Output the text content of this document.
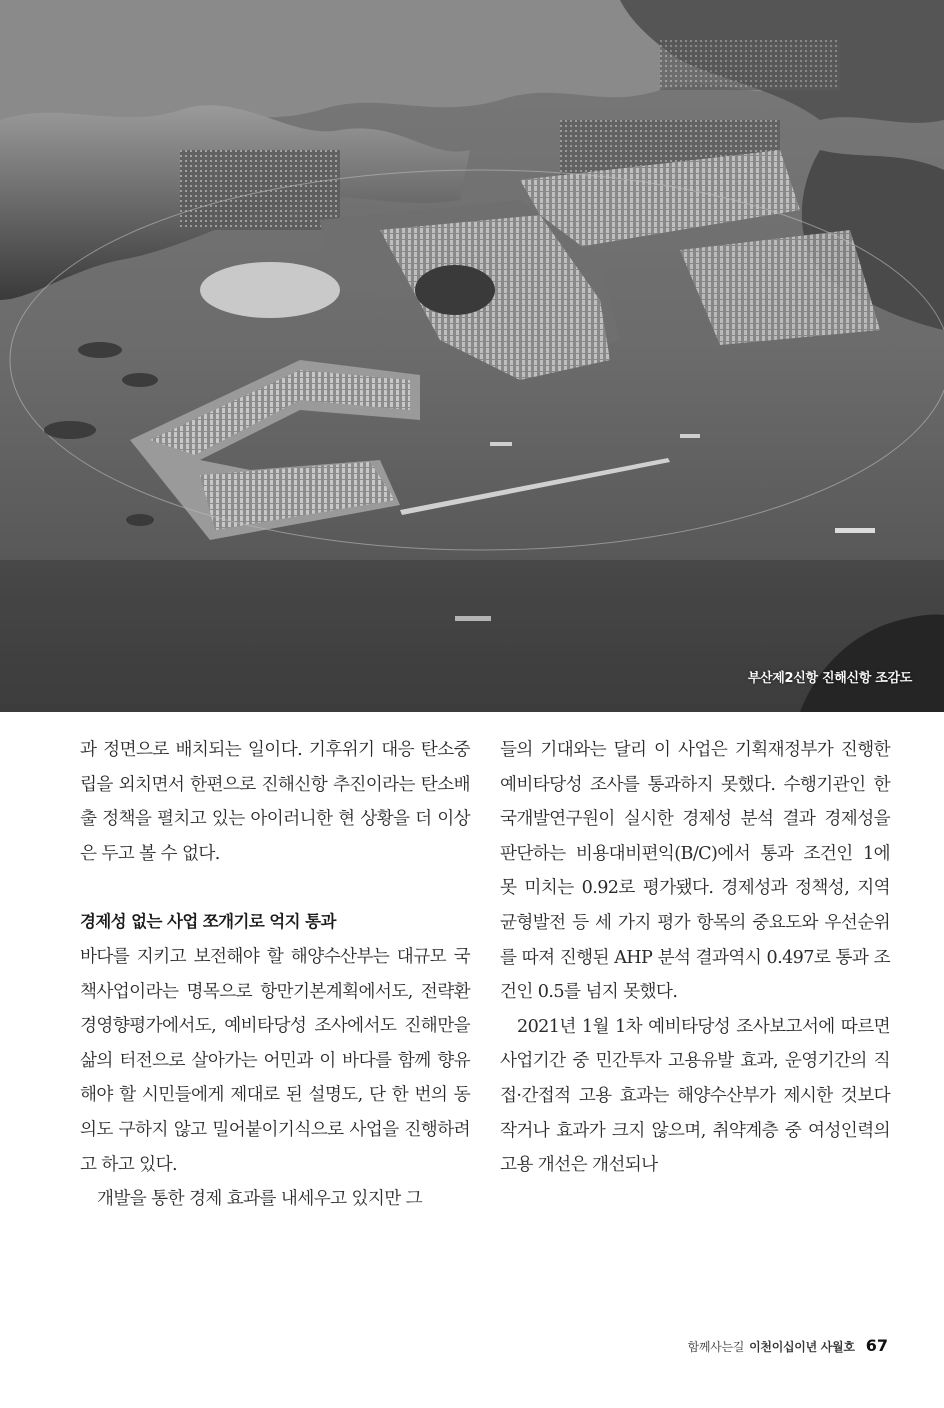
부산제2신항 진해신항 조감도

과 정면으로 배치되는 일이다. 기후위기 대응 탄소중립을 외치면서 한편으로 진해신항 추진이라는 탄소배출 정책을 펼치고 있는 아이러니한 현 상황을 더 이상은 두고 볼 수 없다.

경제성 없는 사업 쪼개기로 억지 통과

바다를 지키고 보전해야 할 해양수산부는 대규모 국책사업이라는 명목으로 항만기본계획에서도, 전략환경영향평가에서도, 예비타당성 조사에서도 진해만을 삶의 터전으로 살아가는 어민과 이 바다를 함께 향유해야 할 시민들에게 제대로 된 설명도, 단 한 번의 동의도 구하지 않고 밀어붙이기식으로 사업을 진행하려고 하고 있다.

개발을 통한 경제 효과를 내세우고 있지만 그

들의 기대와는 달리 이 사업은 기획재정부가 진행한 예비타당성 조사를 통과하지 못했다. 수행기관인 한국개발연구원이 실시한 경제성 분석 결과 경제성을 판단하는 비용대비편익(B/C)에서 통과 조건인 1에 못 미치는 0.92로 평가됐다. 경제성과 정책성, 지역 균형발전 등 세 가지 평가 항목의 중요도와 우선순위를 따져 진행된 AHP 분석 결과역시 0.497로 통과 조건인 0.5를 넘지 못했다.

2021년 1월 1차 예비타당성 조사보고서에 따르면 사업기간 중 민간투자 고용유발 효과, 운영기간의 직접·간접적 고용 효과는 해양수산부가 제시한 것보다 작거나 효과가 크지 않으며, 취약계층 중 여성인력의 고용 개선은 개선되나

함께사는길 이천이십이년 사월호 67
